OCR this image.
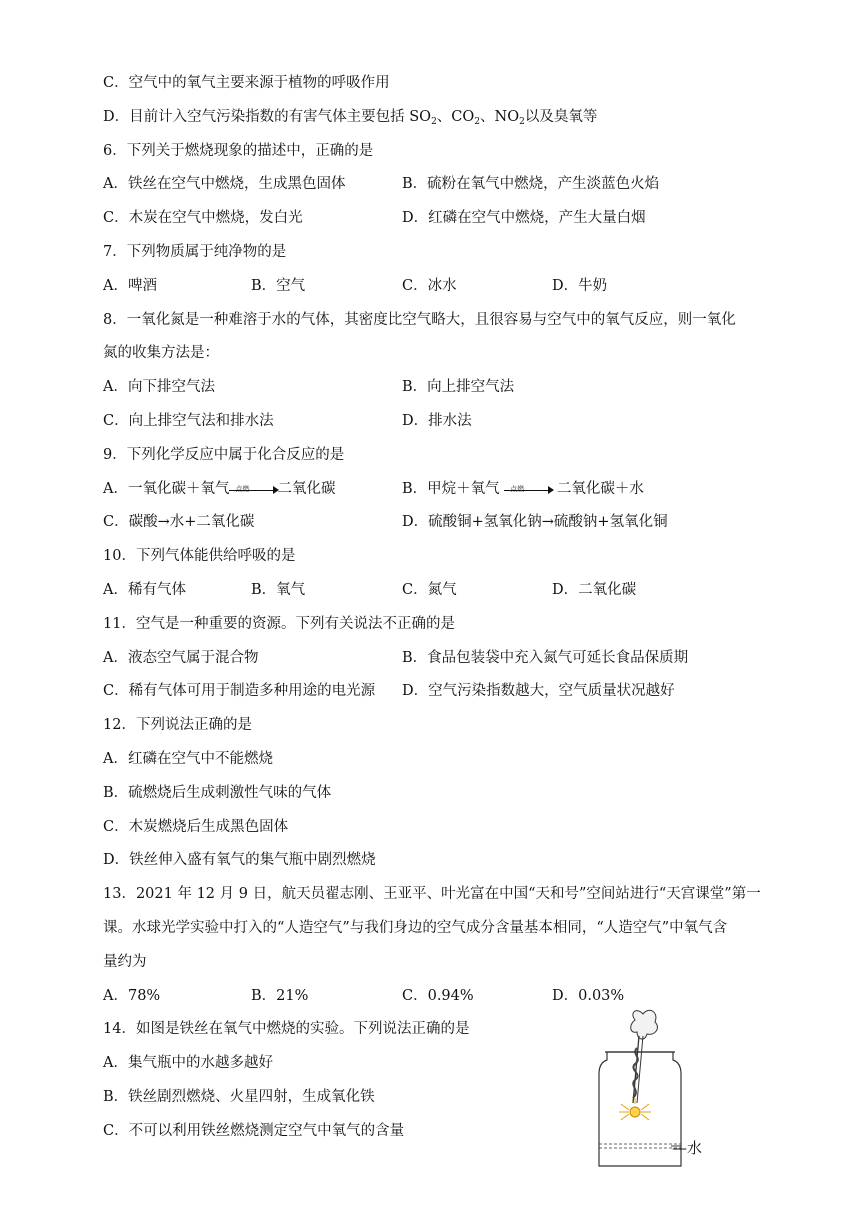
C．空气中的氧气主要来源于植物的呼吸作用
D．目前计入空气污染指数的有害气体主要包括 $SO_2$、$CO_2$、$NO_2$以及臭氧等
6．下列关于燃烧现象的描述中，正确的是
A．铁丝在空气中燃烧，生成黑色固体	B．硫粉在氧气中燃烧，产生淡蓝色火焰
C．木炭在空气中燃烧，发白光	D．红磷在空气中燃烧，产生大量白烟
7．下列物质属于纯净物的是
A．啤酒	B．空气	C．冰水	D．牛奶
8．一氧化氮是一种难溶于水的气体，其密度比空气略大，且很容易与空气中的氧气反应，则一氧化
氮的收集方法是：
A．向下排空气法	B．向上排空气法
C．向上排空气法和排水法	D．排水法
9．下列化学反应中属于化合反应的是
A．一氧化碳＋氧气 点燃 二氧化碳	B．甲烷＋氧气 点燃 二氧化碳＋水
C．碳酸→水+二氧化碳	D．硫酸铜+氢氧化钠→硫酸钠+氢氧化铜
10．下列气体能供给呼吸的是
A．稀有气体	B．氧气	C．氮气	D．二氧化碳
11．空气是一种重要的资源。下列有关说法不正确的是
A．液态空气属于混合物	B．食品包装袋中充入氮气可延长食品保质期
C．稀有气体可用于制造多种用途的电光源 D．空气污染指数越大，空气质量状况越好
12．下列说法正确的是
A．红磷在空气中不能燃烧
B．硫燃烧后生成刺激性气味的气体
C．木炭燃烧后生成黑色固体
D．铁丝伸入盛有氧气的集气瓶中剧烈燃烧
13．2021 年 12 月 9 日，航天员翟志刚、王亚平、叶光富在中国“天和号”空间站进行“天宫课堂”第一
课。水球光学实验中打入的“人造空气”与我们身边的空气成分含量基本相同，“人造空气”中氧气含
量约为
A．78%	B．21%	C．0.94%	D．0.03%
14．如图是铁丝在氧气中燃烧的实验。下列说法正确的是
A．集气瓶中的水越多越好
B．铁丝剧烈燃烧、火星四射，生成氧化铁
C．不可以利用铁丝燃烧测定空气中氧气的含量
—水
